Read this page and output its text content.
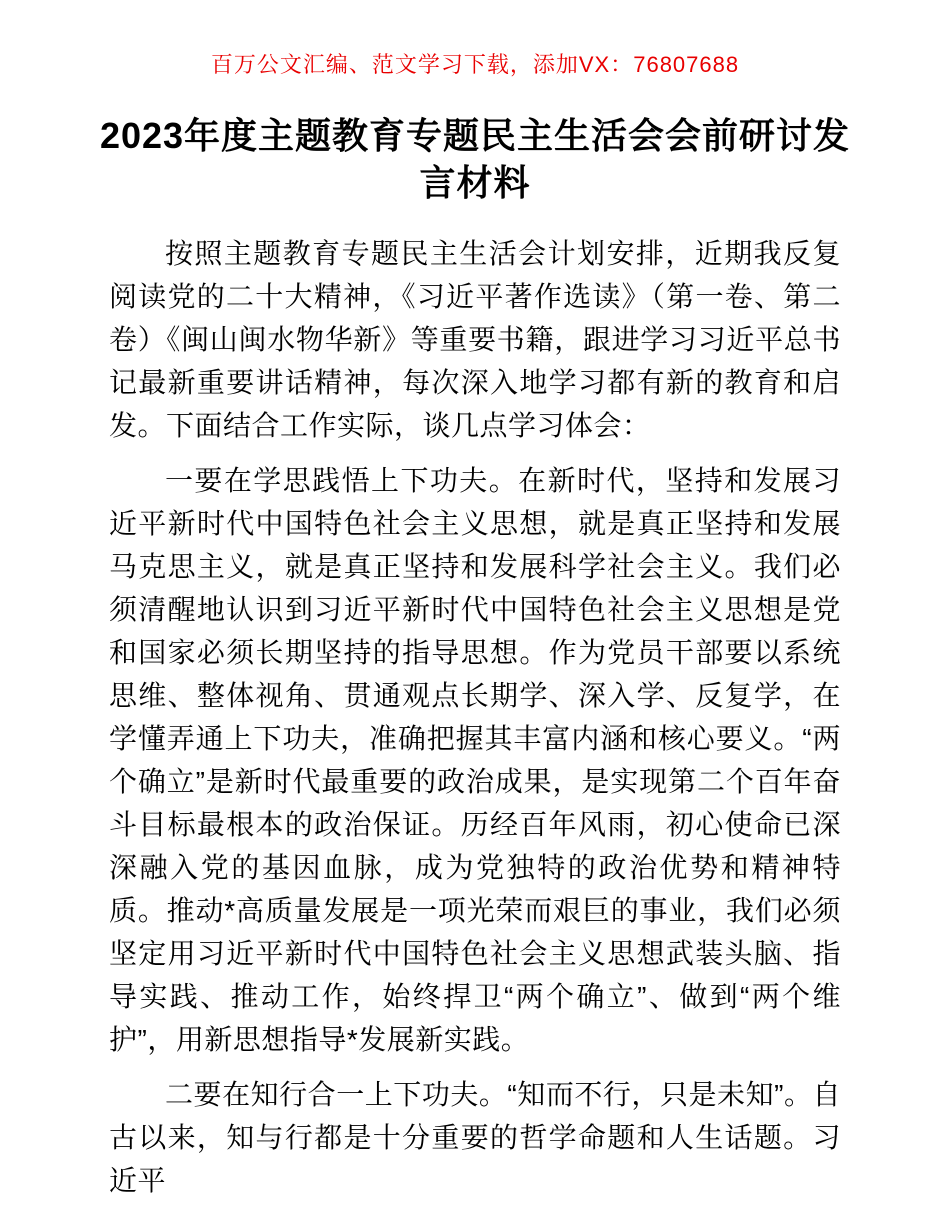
百万公文汇编、范文学习下载，添加VX：76807688
2023年度主题教育专题民主生活会会前研讨发言材料

按照主题教育专题民主生活会计划安排，近期我反复阅读党的二十大精神，《习近平著作选读》（第一卷、第二卷）《闽山闽水物华新》等重要书籍，跟进学习习近平总书记最新重要讲话精神，每次深入地学习都有新的教育和启发。下面结合工作实际，谈几点学习体会：

一要在学思践悟上下功夫。在新时代，坚持和发展习近平新时代中国特色社会主义思想，就是真正坚持和发展马克思主义，就是真正坚持和发展科学社会主义。我们必须清醒地认识到习近平新时代中国特色社会主义思想是党和国家必须长期坚持的指导思想。作为党员干部要以系统思维、整体视角、贯通观点长期学、深入学、反复学，在学懂弄通上下功夫，准确把握其丰富内涵和核心要义。“两个确立”是新时代最重要的政治成果，是实现第二个百年奋斗目标最根本的政治保证。历经百年风雨，初心使命已深深融入党的基因血脉，成为党独特的政治优势和精神特质。推动*高质量发展是一项光荣而艰巨的事业，我们必须坚定用习近平新时代中国特色社会主义思想武装头脑、指导实践、推动工作，始终捍卫“两个确立”、做到“两个维护”，用新思想指导*发展新实践。

二要在知行合一上下功夫。“知而不行，只是未知”。自古以来，知与行都是十分重要的哲学命题和人生话题。习近平
